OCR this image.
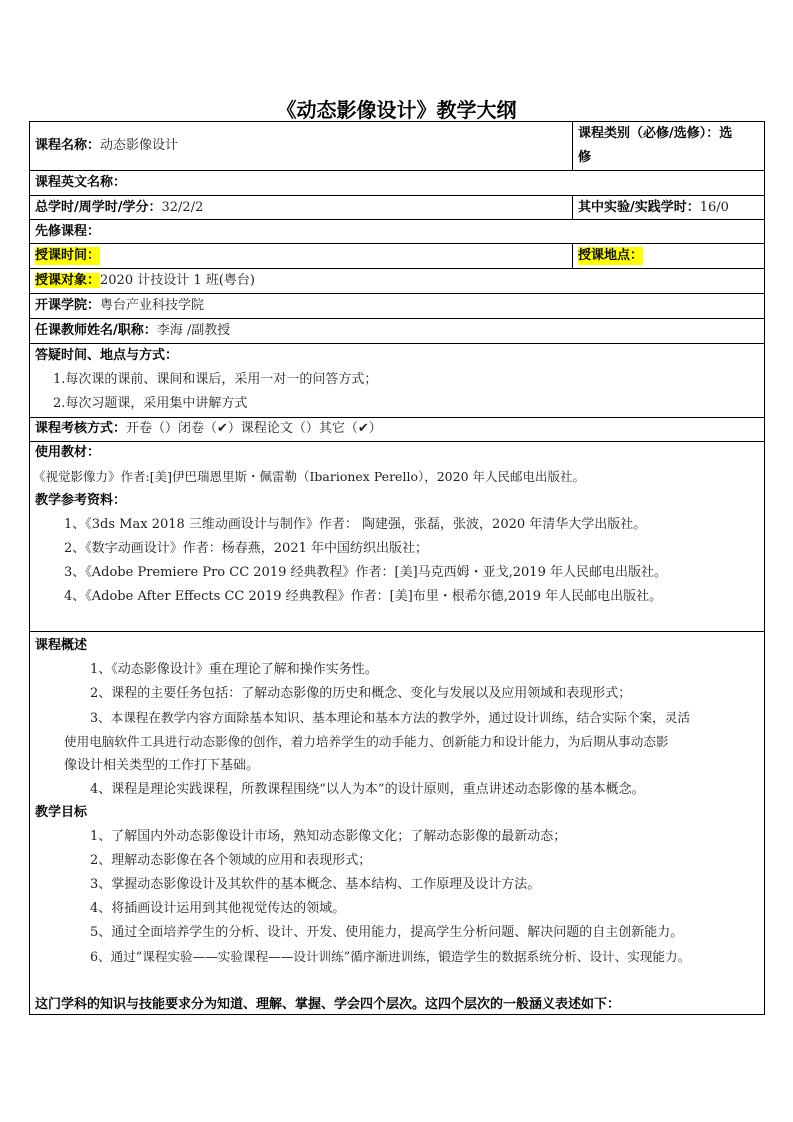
《动态影像设计》教学大纲
课程名称：动态影像设计
课程类别（必修/选修）：选
修
课程英文名称：
总学时/周学时/学分：32/2/2	其中实验/实践学时：16/0
先修课程：
授课时间：	授课地点：
授课对象：2020 计技设计 1 班(粤台)
开课学院：粤台产业科技学院
任课教师姓名/职称：李海 /副教授
答疑时间、地点与方式：
1.每次课的课前、课间和课后，采用一对一的问答方式；
2.每次习题课，采用集中讲解方式
课程考核方式：开卷（）闭卷（✔）课程论文（）其它（✔）
使用教材：
《视觉影像力》作者:[美]伊巴瑞恩里斯・佩雷勒（Ibarionex Perello），2020 年人民邮电出版社。
教学参考资料：
1、《3ds Max 2018 三维动画设计与制作》作者： 陶建强，张磊，张波，2020 年清华大学出版社。
2、《数字动画设计》作者：杨春燕，2021 年中国纺织出版社；
3、《Adobe Premiere Pro CC 2019 经典教程》作者：[美]马克西姆・亚戈,2019 年人民邮电出版社。
4、《Adobe After Effects CC 2019 经典教程》作者：[美]布里・根希尔德,2019 年人民邮电出版社。
课程概述
1、《动态影像设计》重在理论了解和操作实务性。
2、课程的主要任务包括：了解动态影像的历史和概念、变化与发展以及应用领域和表现形式；
3、本课程在教学内容方面除基本知识、基本理论和基本方法的教学外，通过设计训练，结合实际个案，灵活
使用电脑软件工具进行动态影像的创作，着力培养学生的动手能力、创新能力和设计能力，为后期从事动态影
像设计相关类型的工作打下基础。
4、课程是理论实践课程，所教课程围绕“以人为本”的设计原则，重点讲述动态影像的基本概念。
教学目标
1、了解国内外动态影像设计市场，熟知动态影像文化；了解动态影像的最新动态；
2、理解动态影像在各个领域的应用和表现形式；
3、掌握动态影像设计及其软件的基本概念、基本结构、工作原理及设计方法。
4、将插画设计运用到其他视觉传达的领域。
5、通过全面培养学生的分析、设计、开发、使用能力，提高学生分析问题、解决问题的自主创新能力。
6、通过“课程实验——实验课程——设计训练”循序渐进训练，锻造学生的数据系统分析、设计、实现能力。
这门学科的知识与技能要求分为知道、理解、掌握、学会四个层次。这四个层次的一般涵义表述如下：
